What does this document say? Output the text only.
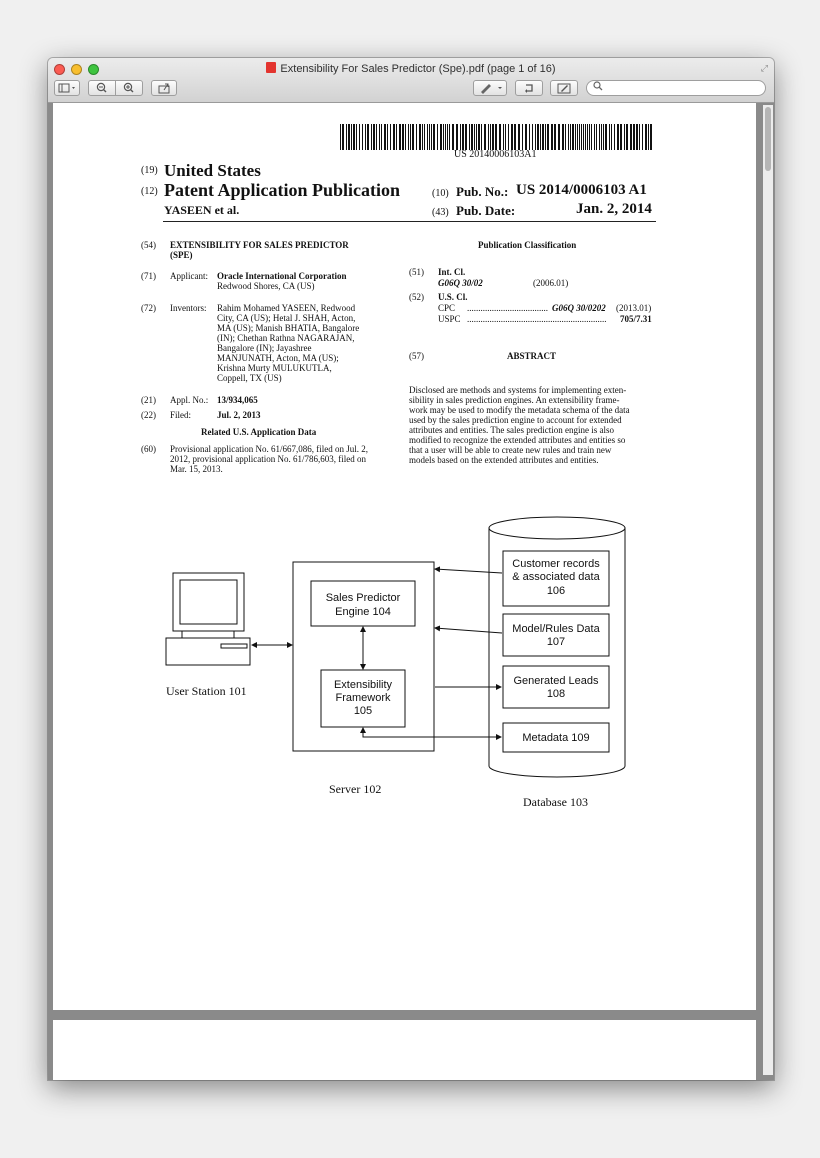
Extensibility For Sales Predictor (Spe).pdf (page 1 of 16)	⤢
US 20140006103A1
(19) United States
(12) Patent Application Publication
YASEEN et al.
(10) Pub. No.: US 2014/0006103 A1
(43) Pub. Date:	Jan. 2, 2014
(54) EXTENSIBILITY FOR SALES PREDICTOR
(SPE)
(71) Applicant: Oracle International Corporation
Redwood Shores, CA (US)
(72) Inventors: Rahim Mohamed YASEEN, Redwood
City, CA (US); Hetal J. SHAH, Acton,
MA (US); Manish BHATIA, Bangalore
(IN); Chethan Rathna NAGARAJAN,
Bangalore (IN); Jayashree
MANJUNATH, Acton, MA (US);
Krishna Murty MULUKUTLA,
Coppell, TX (US)
(21) Appl. No.: 13/934,065
(22) Filed:	Jul. 2, 2013
Related U.S. Application Data
(60) Provisional application No. 61/667,086, filed on Jul. 2,
2012, provisional application No. 61/786,603, filed on
Mar. 15, 2013.
Publication Classification
(51) Int. Cl.
G06Q 30/02	(2006.01)
(52) U.S. Cl.
CPC .................................... G06Q 30/0202 (2013.01)
USPC .............................................................. 705/7.31
(57)	ABSTRACT
Disclosed are methods and systems for implementing exten-
sibility in sales prediction engines. An extensibility frame-
work may be used to modify the metadata schema of the data
used by the sales prediction engine to account for extended
attributes and entities. The sales prediction engine is also
modified to recognize the extended attributes and entities so
that a user will be able to create new rules and train new
models based on the extended attributes and entities.
Sales Predictor
Engine 104
Extensibility
Framework
105
Customer records
& associated data
106
Model/Rules Data
107
Generated Leads
108
Metadata 109
User Station 101
Server 102
Database 103
